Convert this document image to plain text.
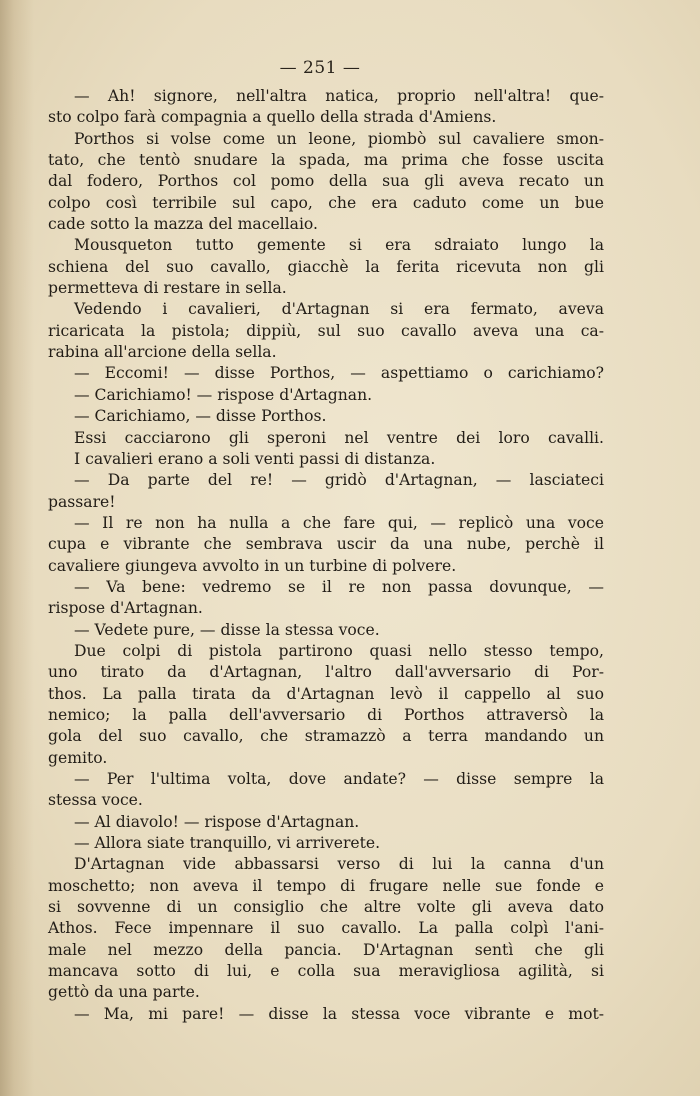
— 251 —
— Ah! signore, nell'altra natica, proprio nell'altra! que-
sto colpo farà compagnia a quello della strada d'Amiens.
Porthos si volse come un leone, piombò sul cavaliere smon-
tato, che tentò snudare la spada, ma prima che fosse uscita
dal fodero, Porthos col pomo della sua gli aveva recato un
colpo così terribile sul capo, che era caduto come un bue
cade sotto la mazza del macellaio.
Mousqueton tutto gemente si era sdraiato lungo la
schiena del suo cavallo, giacchè la ferita ricevuta non gli
permetteva di restare in sella.
Vedendo i cavalieri, d'Artagnan si era fermato, aveva
ricaricata la pistola; dippiù, sul suo cavallo aveva una ca-
rabina all'arcione della sella.
— Eccomi! — disse Porthos, — aspettiamo o carichiamo?
— Carichiamo! — rispose d'Artagnan.
— Carichiamo, — disse Porthos.
Essi cacciarono gli speroni nel ventre dei loro cavalli.
I cavalieri erano a soli venti passi di distanza.
— Da parte del re! — gridò d'Artagnan, — lasciateci
passare!
— Il re non ha nulla a che fare qui, — replicò una voce
cupa e vibrante che sembrava uscir da una nube, perchè il
cavaliere giungeva avvolto in un turbine di polvere.
— Va bene: vedremo se il re non passa dovunque, —
rispose d'Artagnan.
— Vedete pure, — disse la stessa voce.
Due colpi di pistola partirono quasi nello stesso tempo,
uno tirato da d'Artagnan, l'altro dall'avversario di Por-
thos. La palla tirata da d'Artagnan levò il cappello al suo
nemico; la palla dell'avversario di Porthos attraversò la
gola del suo cavallo, che stramazzò a terra mandando un
gemito.
— Per l'ultima volta, dove andate? — disse sempre la
stessa voce.
— Al diavolo! — rispose d'Artagnan.
— Allora siate tranquillo, vi arriverete.
D'Artagnan vide abbassarsi verso di lui la canna d'un
moschetto; non aveva il tempo di frugare nelle sue fonde e
si sovvenne di un consiglio che altre volte gli aveva dato
Athos. Fece impennare il suo cavallo. La palla colpì l'ani-
male nel mezzo della pancia. D'Artagnan sentì che gli
mancava sotto di lui, e colla sua meravigliosa agilità, si
gettò da una parte.
— Ma, mi pare! — disse la stessa voce vibrante e mot-
